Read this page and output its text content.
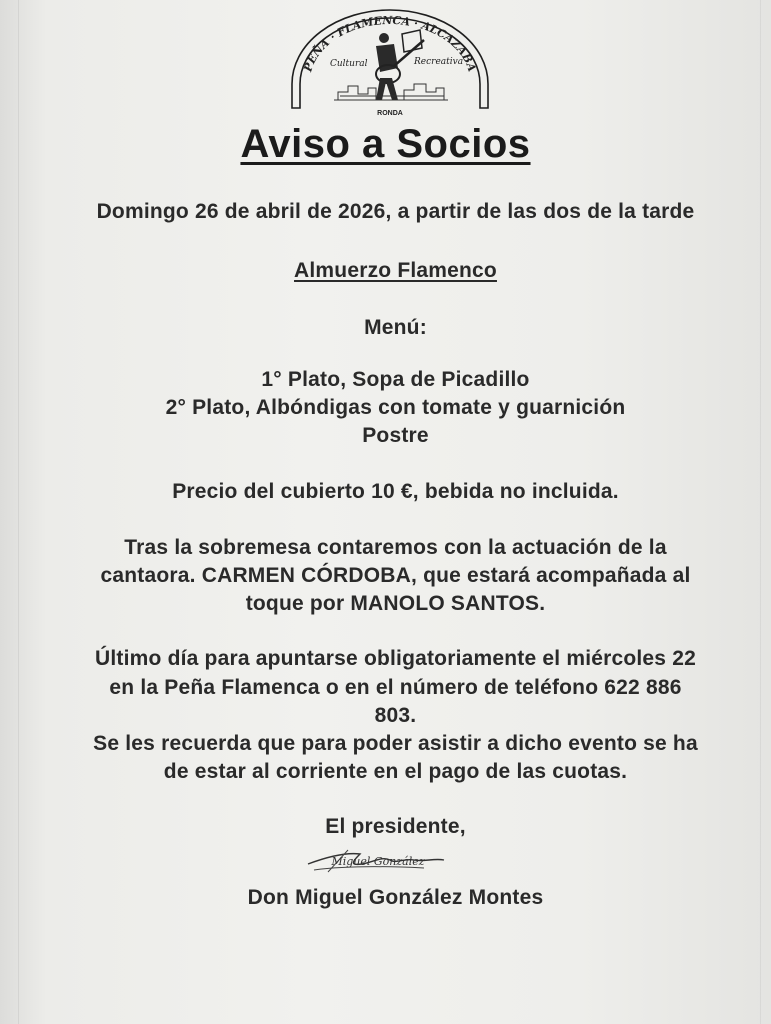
PEÑA · FLAMENCA · ALCAZABA
Cultural	Recreativa
RONDA
Aviso a Socios
Domingo 26 de abril de 2026, a partir de las dos de la tarde
Almuerzo Flamenco
Menú:
1° Plato, Sopa de Picadillo
2° Plato, Albóndigas con tomate y guarnición
Postre
Precio del cubierto 10 €, bebida no incluida.
Tras la sobremesa contaremos con la actuación de la
cantaora. CARMEN CÓRDOBA, que estará acompañada al
toque por MANOLO SANTOS.
Último día para apuntarse obligatoriamente el miércoles 22
en la Peña Flamenca o en el número de teléfono 622 886
803.
Se les recuerda que para poder asistir a dicho evento se ha
de estar al corriente en el pago de las cuotas.
El presidente,
Miguel González
Don Miguel González Montes
